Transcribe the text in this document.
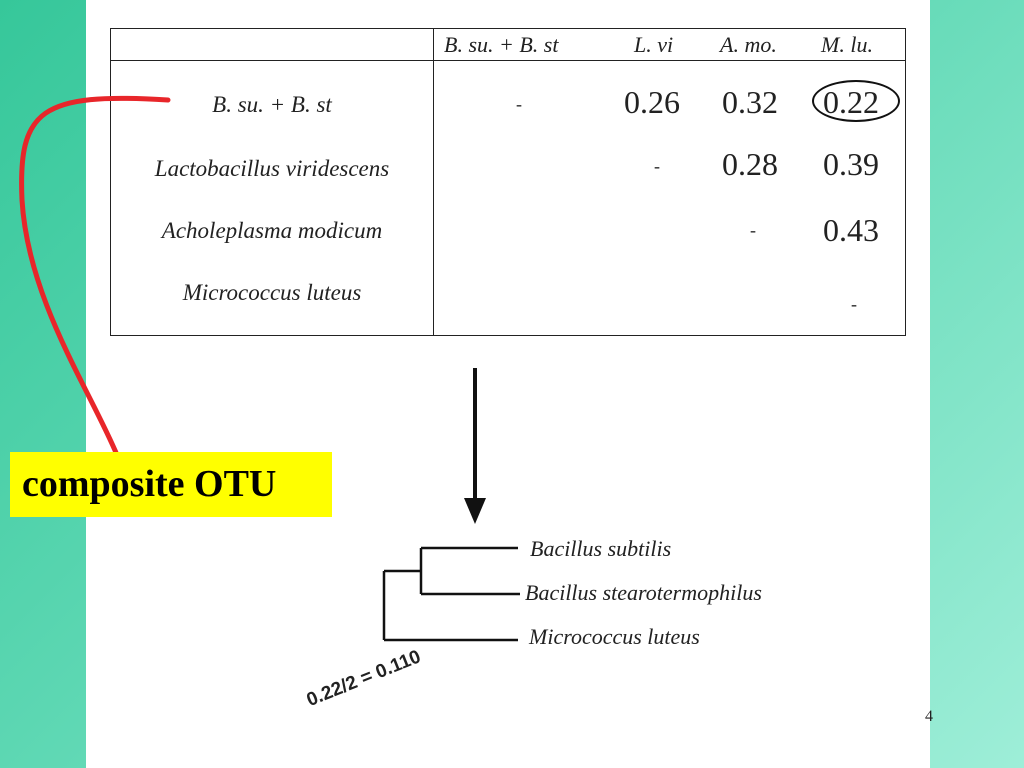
B. su. + B. st	L. vi A. mo. M. lu.
B. su. + B. st
Lactobacillus viridescens
Acholeplasma modicum
Micrococcus luteus
-	0.26 0.32 0.22
- 0.28 0.39
- 0.43
-
composite OTU
Bacillus subtilis
Bacillus stearotermophilus
Micrococcus luteus
0.22/2 = 0.110
4
